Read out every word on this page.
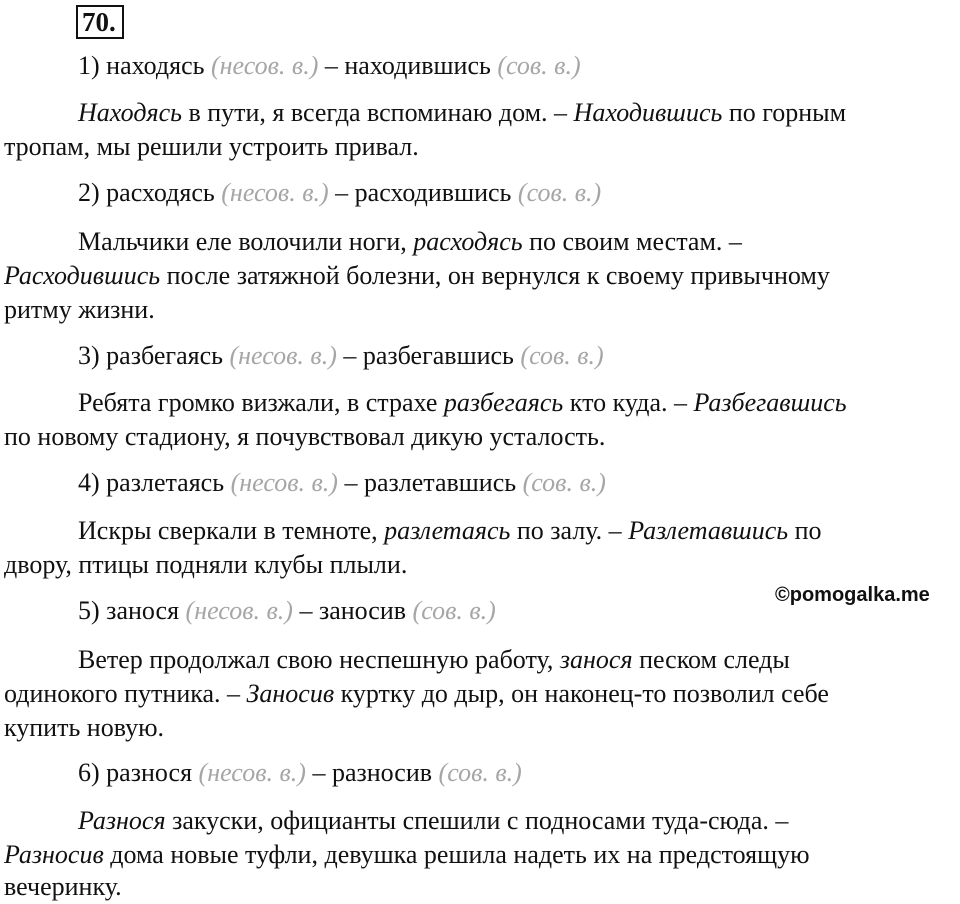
70.
1) находясь (несов. в.) – находившись (сов. в.)
Находясь в пути, я всегда вспоминаю дом. – Находившись по горным
тропам, мы решили устроить привал.
2) расходясь (несов. в.) – расходившись (сов. в.)
Мальчики еле волочили ноги, расходясь по своим местам. –
Расходившись после затяжной болезни, он вернулся к своему привычному
ритму жизни.
3) разбегаясь (несов. в.) – разбегавшись (сов. в.)
Ребята громко визжали, в страхе разбегаясь кто куда. – Разбегавшись
по новому стадиону, я почувствовал дикую усталость.
4) разлетаясь (несов. в.) – разлетавшись (сов. в.)
Искры сверкали в темноте, разлетаясь по залу. – Разлетавшись по
двору, птицы подняли клубы плыли.
©pomogalka.me
5) занося (несов. в.) – заносив (сов. в.)
Ветер продолжал свою неспешную работу, занося песком следы
одинокого путника. – Заносив куртку до дыр, он наконец-то позволил себе
купить новую.
6) разнося (несов. в.) – разносив (сов. в.)
Разнося закуски, официанты спешили с подносами туда-сюда. –
Разносив дома новые туфли, девушка решила надеть их на предстоящую
вечеринку.
